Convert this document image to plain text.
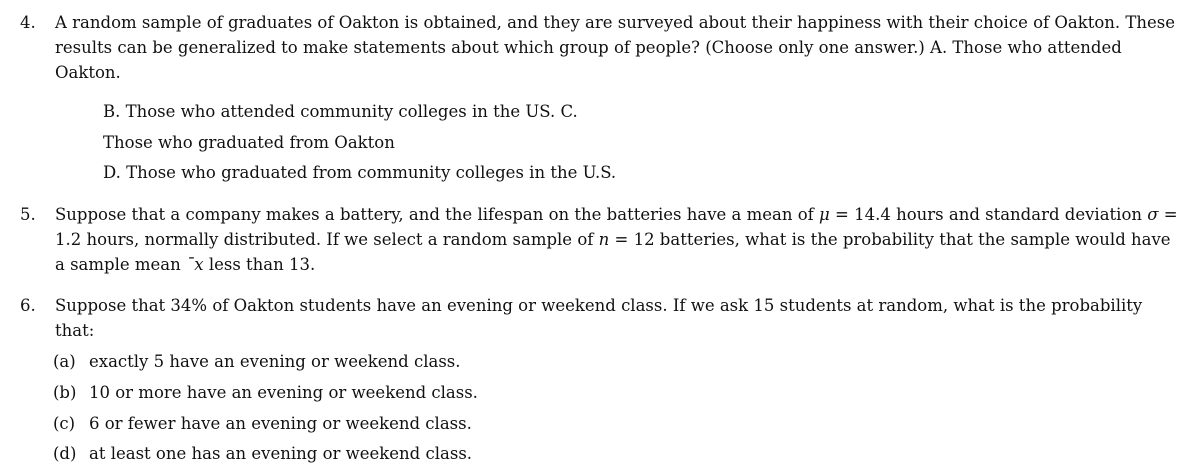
4. A random sample of graduates of Oakton is obtained, and they are surveyed about their happiness with their choice of Oakton. These
results can be generalized to make statements about which group of people? (Choose only one answer.) A. Those who attended
Oakton.
B. Those who attended community colleges in the US. C.
Those who graduated from Oakton
D. Those who graduated from community colleges in the U.S.
5. Suppose that a company makes a battery, and the lifespan on the batteries have a mean of μ = 14.4 hours and standard deviation σ =
1.2 hours, normally distributed. If we select a random sample of n = 12 batteries, what is the probability that the sample would have
a sample mean ¯x less than 13.
6. Suppose that 34% of Oakton students have an evening or weekend class. If we ask 15 students at random, what is the probability
that:
(a) exactly 5 have an evening or weekend class.
(b) 10 or more have an evening or weekend class.
(c) 6 or fewer have an evening or weekend class.
(d) at least one has an evening or weekend class.
